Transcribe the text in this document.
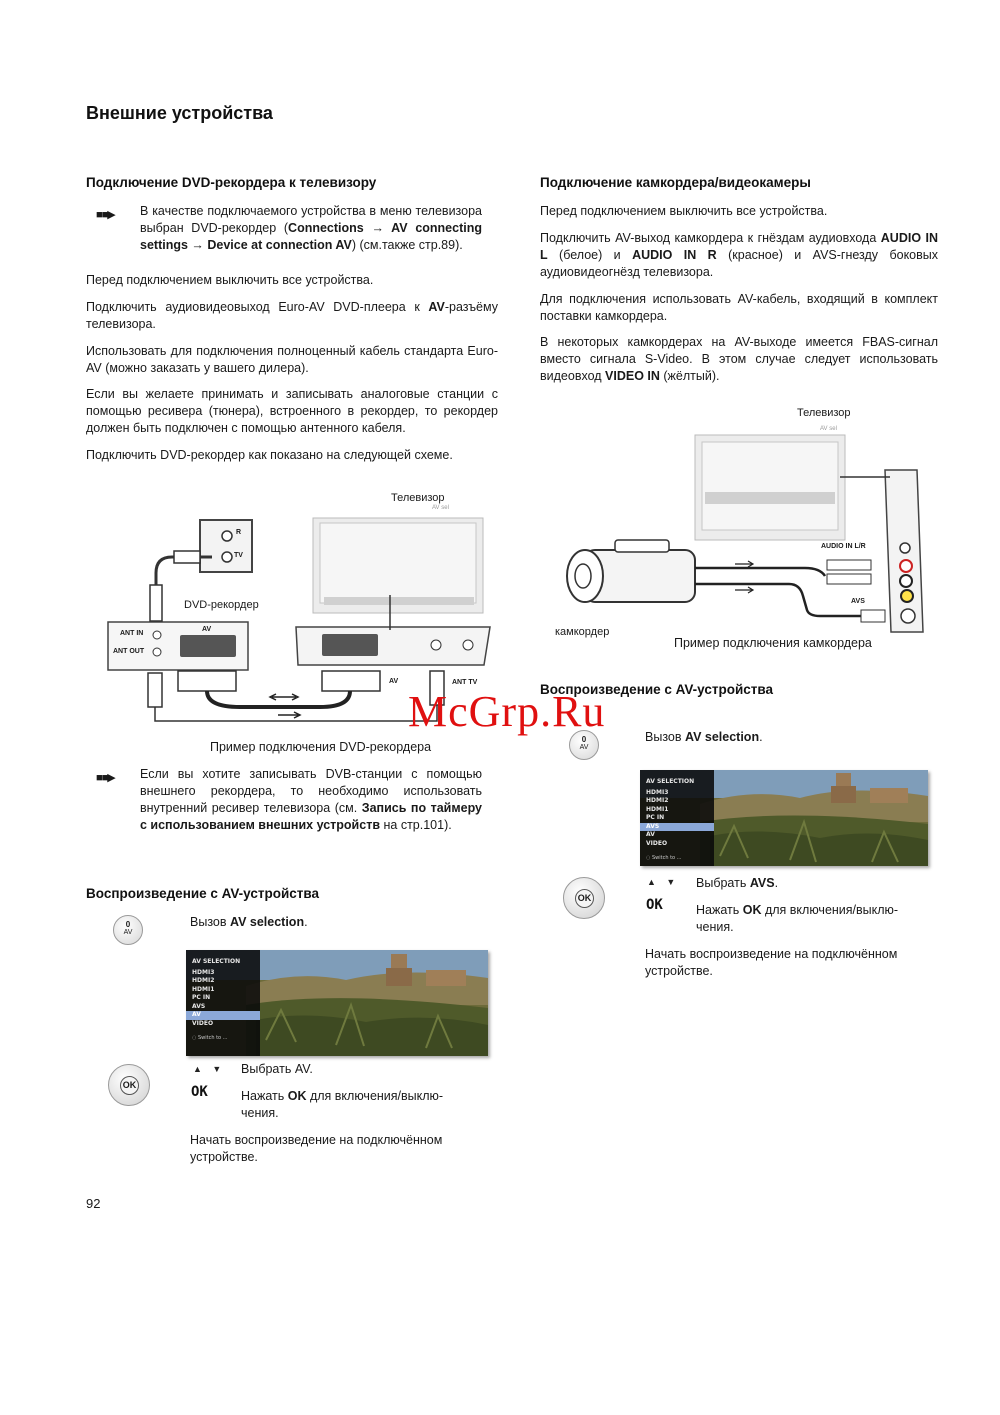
Внешние устройства
Подключение DVD-рекордера к телевизору
■■▶ В качестве подключаемого устройства в меню телевизора выбран DVD-рекордер (Connections → AV connecting settings → Device at connection AV) (см.также стр.89).
Перед подключением выключить все устройства.
Подключить аудиовидеовыход Euro-AV DVD-плеера к AV-разъёму телевизора.
Использовать для подключения полноценный кабель стандарта Euro-AV (можно заказать у вашего дилера).
Если вы желаете принимать и записывать аналоговые станции с помощью ресивера (тюнера), встроенного в рекордер, то рекордер должен быть подключен с помощью антенного кабеля.
Подключить DVD-рекордер как показано на следующей схеме.
Телевизор
AV sel
DVD-рекордер
R
TV
ANT IN
ANT OUT
AV
AV	ANT TV
Пример подключения DVD-рекордера
■■▶ Если вы хотите записывать DVB-станции с помощью внешнего рекордера, то необходимо использовать внутренний ресивер телевизора (см. Запись по таймеру с использованием внешних устройств на стр.101).
Воспроизведение с AV-устройства
0
AV
Вызов AV selection.
AV SELECTION
HDMI3
HDMI2
HDMI1
PC IN
AVS
AV
VIDEO
◌ Switch to ...
OK
▲ ▼
OK
Выбрать AV.
Нажать OK для включения/выклю-чения.
Начать воспроизведение на подключённом устройстве.
Подключение камкордера/видеокамеры
Перед подключением выключить все устройства.
Подключить AV-выход камкордера к гнёздам аудиовхода AUDIO IN L (белое) и AUDIO IN R (красное) и AVS-гнезду боковых аудиовидеогнёзд телевизора.
Для подключения использовать AV-кабель, входящий в комплект поставки камкордера.
В некоторых камкордерах на AV-выходе имеется FBAS-сигнал вместо сигнала S-Video. В этом случае следует использовать видеовход VIDEO IN (жёлтый).
Телевизор
AV sel
AUDIO IN L/R
AVS
камкордер
Пример подключения камкордера
Воспроизведение с AV-устройства
0
AV
Вызов AV selection.
AV SELECTION
HDMI3
HDMI2
HDMI1
PC IN
AVS
AV
VIDEO
◌ Switch to ...
OK
▲ ▼
OK
Выбрать AVS.
Нажать OK для включения/выклю-чения.
Начать воспроизведение на подключённом устройстве.
McGrp.Ru
92
